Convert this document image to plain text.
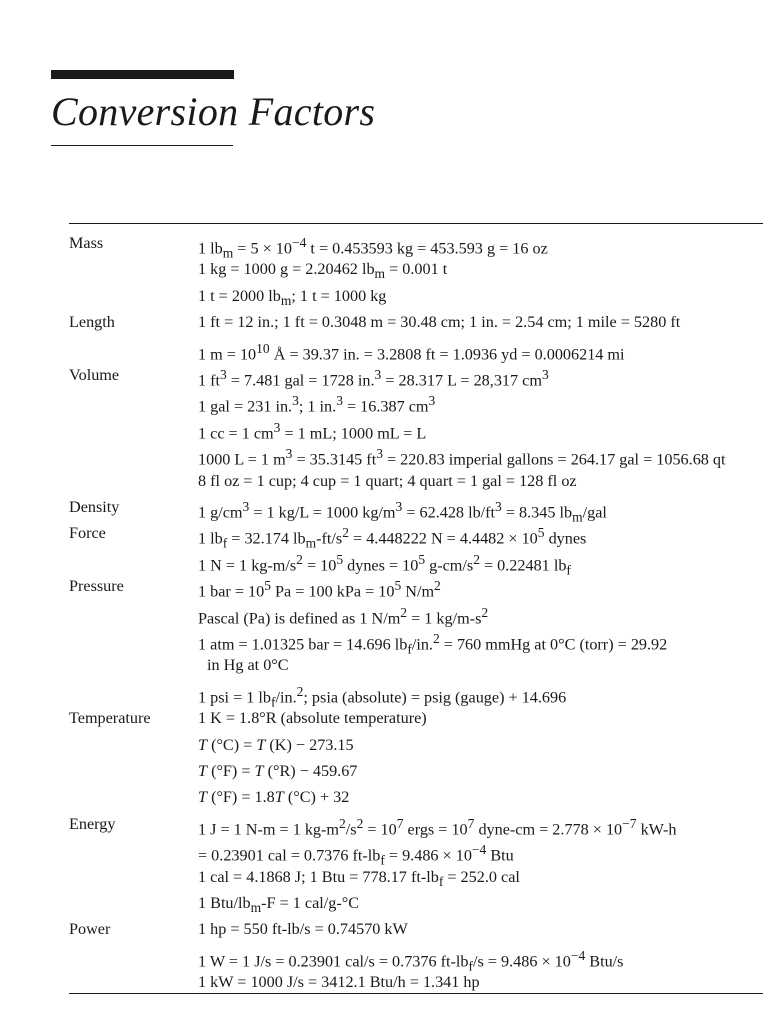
Conversion Factors
Mass	1 $lb_m = 5 \times 10^{-4}$ t = 0.453593 kg = 453.593 g = 16 oz
1 kg = 1000 g = 2.20462 $lb_m = 0.001$ t
1 t = 2000 $lb_m$; 1 t = 1000 kg
Length	1 ft = 12 in.; 1 ft = 0.3048 m = 30.48 cm; 1 in. = 2.54 cm; 1 mile = 5280 ft
1 $m = 10^{10}$ Å = 39.37 in. = 3.2808 ft = 1.0936 yd = 0.0006214 mi
Volume	1 $ft^3 = 7.481$ gal = 1728 in.$^3$ = 28.317 L = 28,317 $cm^3$
1 gal = 231 in.$^3$; 1 in.$^3$ = 16.387 $cm^3$
1 cc = 1 $cm^3 = 1$ mL; 1000 mL = L
1000 L = 1 $m^3 = 35.3145$ $ft^3 = 220.83$ imperial gallons = 264.17 gal = 1056.68 qt
8 fl oz = 1 cup; 4 cup = 1 quart; 4 quart = 1 gal = 128 fl oz
Density	1 $g/cm^3 = 1$ kg/L = 1000 $kg/m^3 = 62.428$ $lb/ft^3 = 8.345$ $lb_m$/gal
Force	1 $lb_f = 32.174$ $lb_m-ft/s^2 = 4.448222$ $N = 4.4482 \times 10^5$ dynes
1 N = 1 $kg-m/s^2 = 10^5$ dynes = $10^5$ $g-cm/s^2 = 0.22481$ $lb_f$
Pressure	1 bar = $10^5$ Pa = 100 kPa = $10^5$ $N/m^2$
Pascal (Pa) is defined as 1 $N/m^2 = 1$ $kg/m-s^2$
1 atm = 1.01325 bar = 14.696 $lb_f/in.^2 = 760$ mmHg at 0°C (torr) = 29.92
in Hg at 0°C
1 psi = 1 $lb_f/in.^2$; psia (absolute) = psig (gauge) + 14.696
Temperature	1 K = 1.8°R (absolute temperature)
T (°C) = T (K) − 273.15
T (°F) = T (°R) − 459.67
T (°F) = 1.8T (°C) + 32
Energy	1 J = 1 N-m = 1 $kg-m^2/s^2 = 10^7$ ergs = $10^7$ dyne-cm = $2.778 \times 10^{-7}$ kW-h
= 0.23901 cal = 0.7376 $ft-lb_f = 9.486 \times 10^{-4}$ Btu
1 cal = 4.1868 J; 1 Btu = 778.17 $ft-lb_f = 252.0$ cal
1 Btu/$lb_m-F = 1$ cal/g-°C
Power	1 hp = 550 ft-lb/s = 0.74570 kW
1 W = 1 J/s = 0.23901 cal/s = 0.7376 $ft-lb_f/s = 9.486 \times 10^{-4}$ Btu/s
1 kW = 1000 J/s = 3412.1 Btu/h = 1.341 hp
